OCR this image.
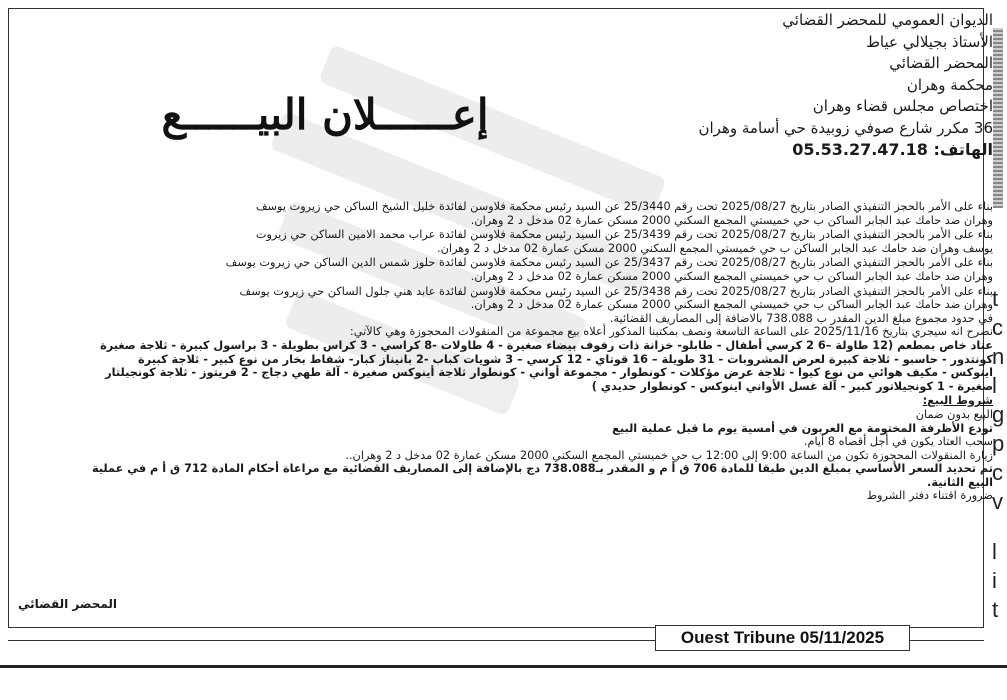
الديوان العمومي للمحضر القضائي
الأستاذ بجيلالي عياط
المحضر القضائي
محكمة وهران
اختصاص مجلس قضاء وهران
36 مكرر شارع صوفي زوبيدة حي أسامة وهران
الهاتف: 05.53.27.47.18
إعــــــلان البيــــــع

بناء على الأمر بالحجز التنفيذي الصادر بتاريخ 2025/08/27 تحت رقم 25/3440 عن السيد رئيس محكمة فلاوسن لفائدة خليل الشيخ الساكن حي زيروت يوسف

وهران ضد حامك عبد الجابر الساكن ب حي خميستي المجمع السكني 2000 مسكن عمارة 02 مدخل د 2 وهران.

بناء على الأمر بالحجز التنفيذي الصادر بتاريخ 2025/08/27 تحت رقم 25/3439 عن السيد رئيس محكمة فلاوسن لفائدة عراب محمد الامين الساكن حي زيروت

يوسف وهران ضد حامك عبد الجابر الساكن ب حي خميستي المجمع السكني 2000 مسكن عمارة 02 مدخل د 2 وهران.

بناء على الأمر بالحجز التنفيذي الصادر بتاريخ 2025/08/27 تحت رقم 25/3437 عن السيد رئيس محكمة فلاوسن لفائدة حلوز شمس الدين الساكن حي زيروت يوسف

وهران ضد حامك عبد الجابر الساكن ب حي خميستي المجمع السكني 2000 مسكن عمارة 02 مدخل د 2 وهران.

بناء على الأمر بالحجز التنفيذي الصادر بتاريخ 2025/08/27 تحت رقم 25/3438 عن السيد رئيس محكمة فلاوسن لفائدة عابد هني جلول الساكن حي زيروت يوسف

وهران ضد حامك عبد الجابر الساكن ب حي خميستي المجمع السكني 2000 مسكن عمارة 02 مدخل د 2 وهران.

في حدود مجموع مبلغ الدين المقدر ب 738.088 بالاضافة إلى المصاريف القضائية.

نصرح انه سيجري بتاريخ 2025/11/16 على الساعة التاسعة ونصف بمكتبنا المذكور أعلاه بيع مجموعة من المنقولات المحجوزة وهي كالآتي:

عتاد خاص بمطعم (12 طاولة –6 2 كرسي أطفال - طابلو- خزانة ذات رفوف بيضاء صغيرة - 4 طاولات -8 كراسي - 3 كراس بطويلة - 3 براسول كبيرة - ثلاجة صغيرة

كونتدور - حاسبو - ثلاجة كبيرة لعرض المشروبات - 31 طويلة – 16 قوتاي - 12 كرسي – 3 شويات كباب -2 بانيناز كبار- شفاط بخار من نوع كبير - ثلاجة كبيرة

اينوكس - مكيف هوائي من نوع كيوا - ثلاجة عرض مؤكلات - كونطوار - مجموعة أواني - كونطوار ثلاجة أينوكس صغيرة - آلة طهي دجاج - 2 فريتوز - ثلاجة كونجيلتار

صغيرة - 1 كونجيلاتور كبير - آلة غسل الأواني اينوكس - كونطوار حديدي )

شروط البيع:

البيع بدون ضمان

تودع الأظرفة المختومة مع العربون في أمسية يوم ما قبل عملية البيع

سحب العتاد يكون في أجل أقصاه 8 أيام.

زيارة المنقولات المحجوزة تكون من الساعة 9:00 إلى 12:00 ب حي خميستي المجمع السكني 2000 مسكن عمارة 02 مدخل د 2 وهران..

تم تحديد السعر الأساسي بمبلغ الدين طبقا للمادة 706 ق أ م و المقدر بـ738.088 دج بالإضافة إلى المصاريف القضائية مع مراعاة أحكام المادة 712 ق أ م في عملية

البيع الثانية.

ضرورة اقتناء دفتر الشروط

المحضر القضائي
Ouest Tribune 05/11/2025
t
c
n
l
g
p
c
v
l
i
t
